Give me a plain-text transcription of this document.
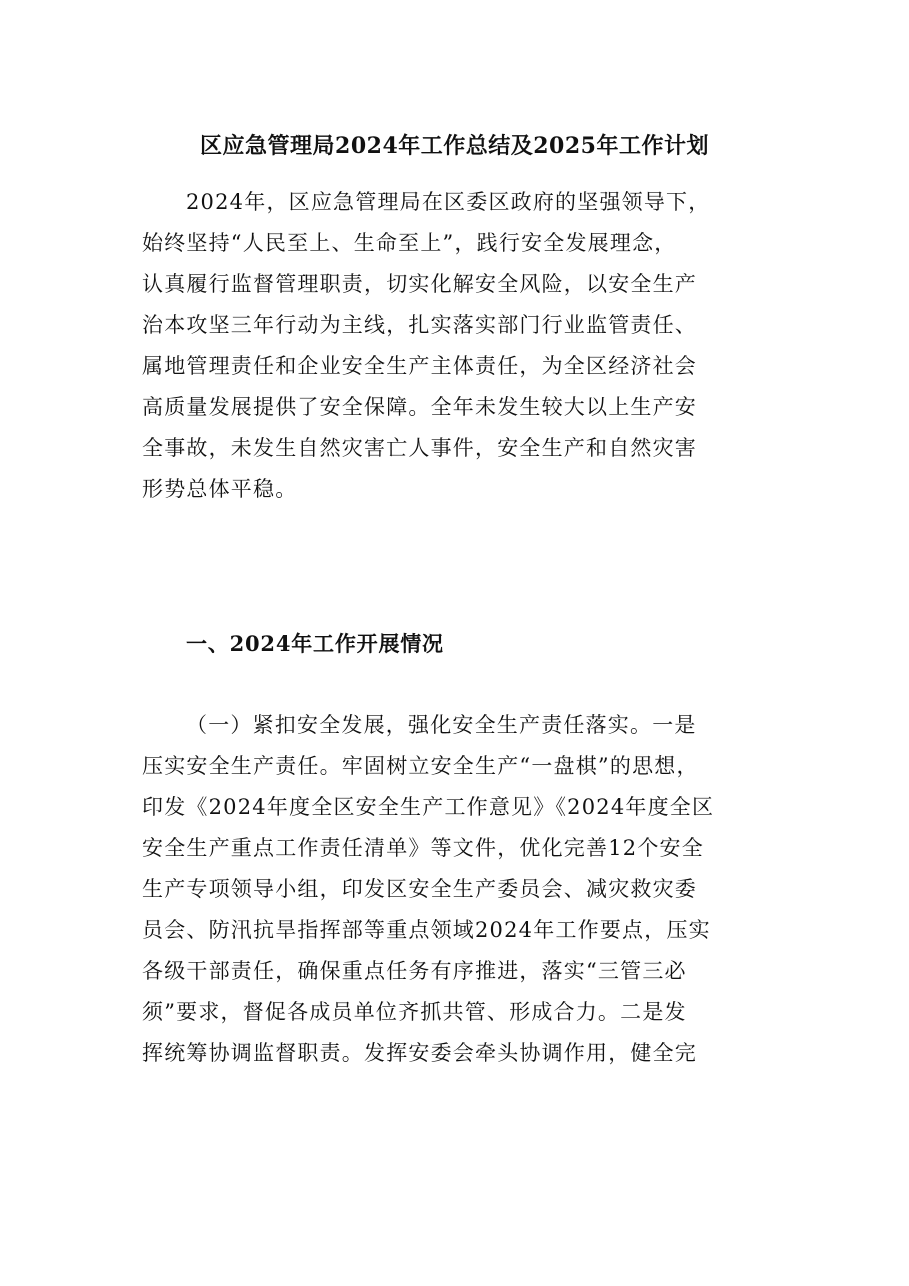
区应急管理局2024年工作总结及2025年工作计划
2024年，区应急管理局在区委区政府的坚强领导下，
始终坚持“人民至上、生命至上”，践行安全发展理念，
认真履行监督管理职责，切实化解安全风险，以安全生产
治本攻坚三年行动为主线，扎实落实部门行业监管责任、
属地管理责任和企业安全生产主体责任，为全区经济社会
高质量发展提供了安全保障。全年未发生较大以上生产安
全事故，未发生自然灾害亡人事件，安全生产和自然灾害
形势总体平稳。
一、2024年工作开展情况
（一）紧扣安全发展，强化安全生产责任落实。一是
压实安全生产责任。牢固树立安全生产“一盘棋”的思想，
印发《2024年度全区安全生产工作意见》《2024年度全区
安全生产重点工作责任清单》等文件，优化完善12个安全
生产专项领导小组，印发区安全生产委员会、减灾救灾委
员会、防汛抗旱指挥部等重点领域2024年工作要点，压实
各级干部责任，确保重点任务有序推进，落实“三管三必
须”要求，督促各成员单位齐抓共管、形成合力。二是发
挥统筹协调监督职责。发挥安委会牵头协调作用，健全完
